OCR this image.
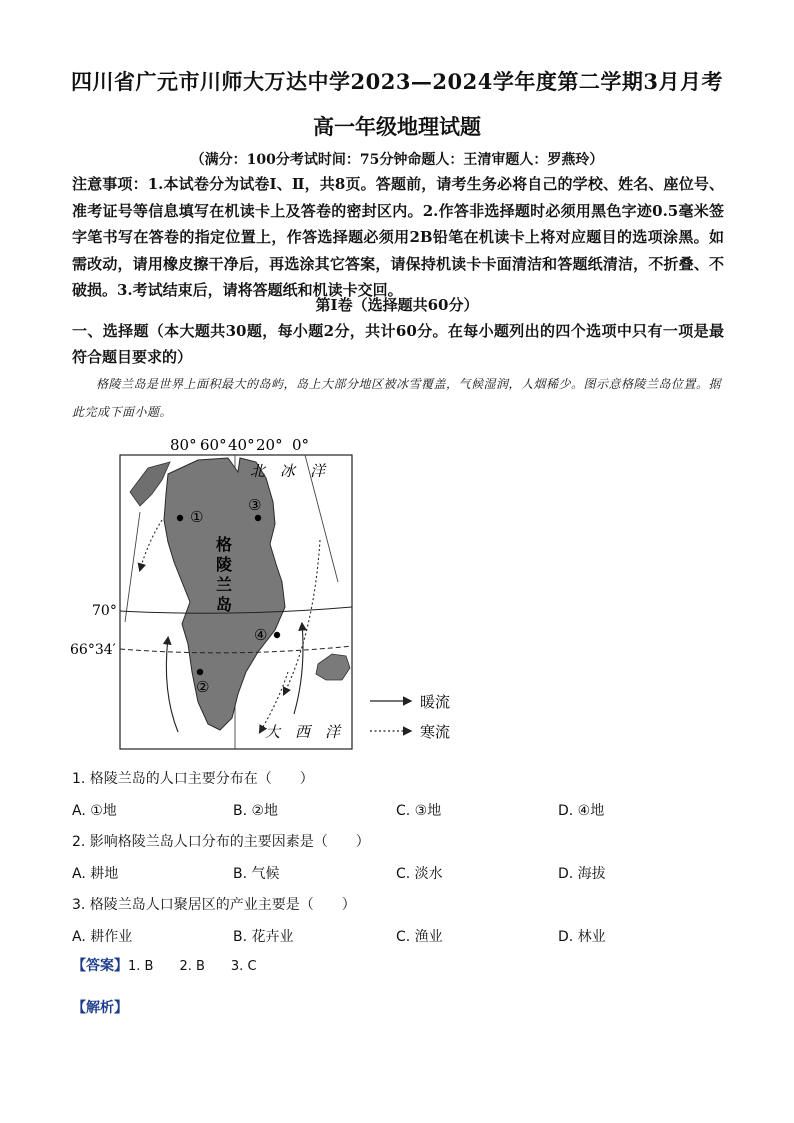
四川省广元市川师大万达中学2023—2024学年度第二学期3月月考
高一年级地理试题
（满分：100分考试时间：75分钟命题人：王清审题人：罗燕玲）
注意事项：1.本试卷分为试卷Ⅰ、Ⅱ，共8页。答题前，请考生务必将自己的学校、姓名、座位号、准考证号等信息填写在机读卡上及答卷的密封区内。2.作答非选择题时必须用黑色字迹0.5毫米签字笔书写在答卷的指定位置上，作答选择题必须用2B铅笔在机读卡上将对应题目的选项涂黑。如需改动，请用橡皮擦干净后，再选涂其它答案，请保持机读卡卡面清洁和答题纸清洁，不折叠、不破损。3.考试结束后，请将答题纸和机读卡交回。
第Ⅰ卷（选择题共60分）
一、选择题（本大题共30题，每小题2分，共计60分。在每小题列出的四个选项中只有一项是最符合题目要求的）
格陵兰岛是世界上面积最大的岛屿，岛上大部分地区被冰雪覆盖，气候湿润，人烟稀少。图示意格陵兰岛位置。据此完成下面小题。
80° 60° 40° 20° 0°
70°
66°34′
格
陵
兰
岛
北　冰　洋
大　西　洋
①
②
③
④
暖流
寒流
1. 格陵兰岛的人口主要分布在（　　）
A. ①地	B. ②地	C. ③地	D. ④地
2. 影响格陵兰岛人口分布的主要因素是（　　）
A. 耕地	B. 气候	C. 淡水	D. 海拔
3. 格陵兰岛人口聚居区的产业主要是（　　）
A. 耕作业	B. 花卉业	C. 渔业	D. 林业
【答案】1. B　　2. B　　3. C
【解析】
